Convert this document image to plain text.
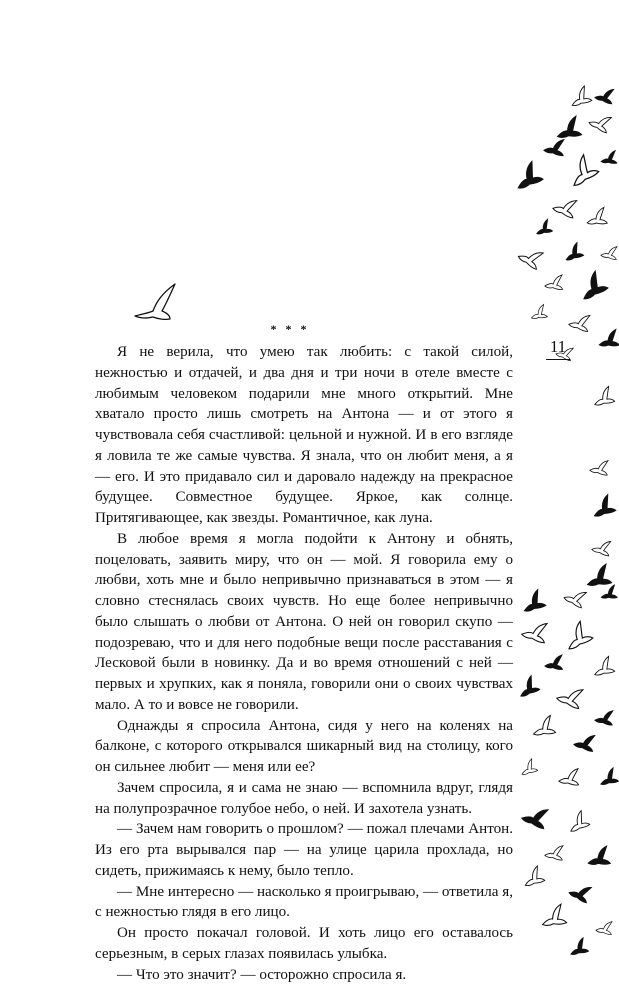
* * *
11

Я не верила, что умею так любить: с такой силой, нежностью и отдачей, и два дня и три ночи в отеле вместе с любимым человеком подарили мне много открытий. Мне хватало просто лишь смотреть на Антона — и от этого я чувствовала себя счастливой: цельной и нужной. И в его взгляде я ловила те же самые чувства. Я знала, что он любит меня, а я — его. И это придавало сил и даровало надежду на прекрасное будущее. Совместное будущее. Яркое, как солнце. Притягивающее, как звезды. Романтичное, как луна.

В любое время я могла подойти к Антону и обнять, поцеловать, заявить миру, что он — мой. Я говорила ему о любви, хоть мне и было непривычно признаваться в этом — я словно стеснялась своих чувств. Но еще более непривычно было слышать о любви от Антона. О ней он говорил скупо — подозреваю, что и для него подобные вещи после расставания с Лесковой были в новинку. Да и во время отношений с ней — первых и хрупких, как я поняла, говорили они о своих чувствах мало. А то и вовсе не говорили.

Однажды я спросила Антона, сидя у него на коленях на балконе, с которого открывался шикарный вид на столицу, кого он сильнее любит — меня или ее?

Зачем спросила, я и сама не знаю — вспомнила вдруг, глядя на полупрозрачное голубое небо, о ней. И захотела узнать.

— Зачем нам говорить о прошлом? — пожал плечами Антон. Из его рта вырывался пар — на улице царила прохлада, но сидеть, прижимаясь к нему, было тепло.

— Мне интересно — насколько я проигрываю, — ответила я, с нежностью глядя в его лицо.

Он просто покачал головой. И хоть лицо его оставалось серьезным, в серых глазах появилась улыбка.

— Что это значит? — осторожно спросила я.
